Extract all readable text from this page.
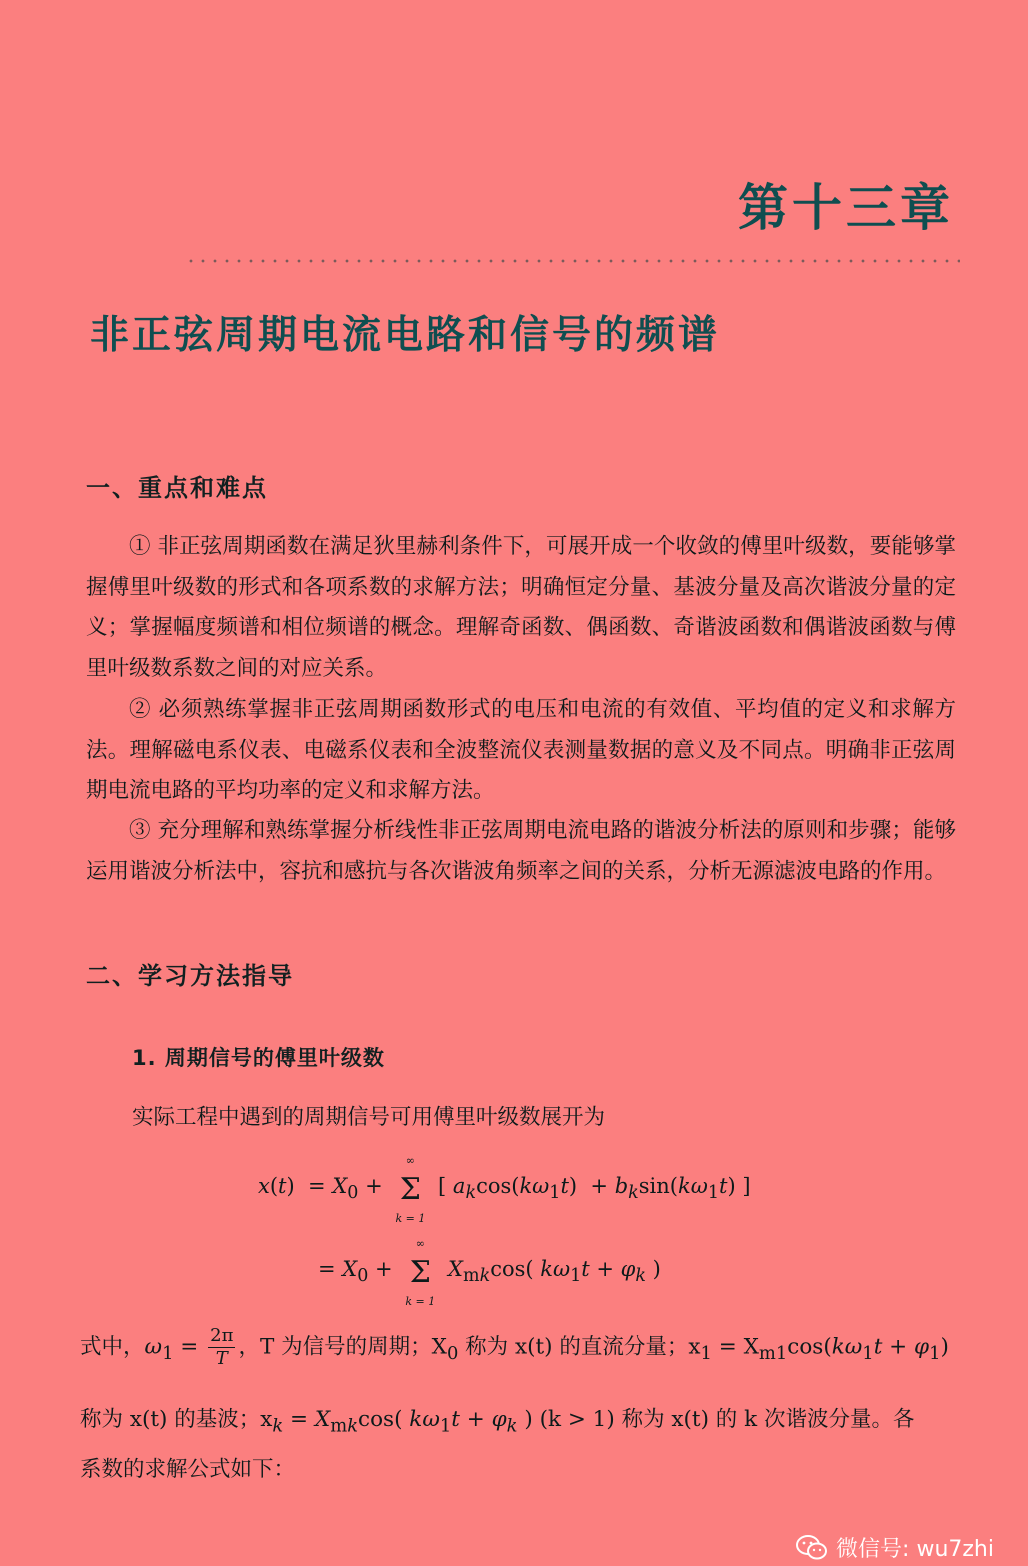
第十三章
非正弦周期电流电路和信号的频谱
一、重点和难点
① 非正弦周期函数在满足狄里赫利条件下，可展开成一个收敛的傅里叶级数，要能够掌握傅里叶级数的形式和各项系数的求解方法；明确恒定分量、基波分量及高次谐波分量的定义；掌握幅度频谱和相位频谱的概念。理解奇函数、偶函数、奇谐波函数和偶谐波函数与傅里叶级数系数之间的对应关系。
② 必须熟练掌握非正弦周期函数形式的电压和电流的有效值、平均值的定义和求解方法。理解磁电系仪表、电磁系仪表和全波整流仪表测量数据的意义及不同点。明确非正弦周期电流电路的平均功率的定义和求解方法。
③ 充分理解和熟练掌握分析线性非正弦周期电流电路的谐波分析法的原则和步骤；能够运用谐波分析法中，容抗和感抗与各次谐波角频率之间的关系，分析无源滤波电路的作用。
二、学习方法指导
1. 周期信号的傅里叶级数
实际工程中遇到的周期信号可用傅里叶级数展开为
$x(t) = X_0$ +
∞
Σ
k = 1
[ $a_k\cos(k\omega_1t) + b_k\sin(k\omega_1t)$ ]
= $X_0$ +
∞
Σ
k = 1
$X_{mk}\cos$( $k\omega_1t + \varphi_k$ )
式中，$\omega_1 = \frac{2\pi}{T}$ ，T 为信号的周期；$X_0$ 称为 x(t) 的直流分量；$x_1 = X_{m1}\cos(k\omega_1t + \varphi_1)$
称为 x(t) 的基波；$x_k = X_{mk}\cos$( $k\omega_1t + \varphi_k$ ) (k > 1) 称为 x(t) 的 k 次谐波分量。各
系数的求解公式如下：
微信号: wu7zhi
